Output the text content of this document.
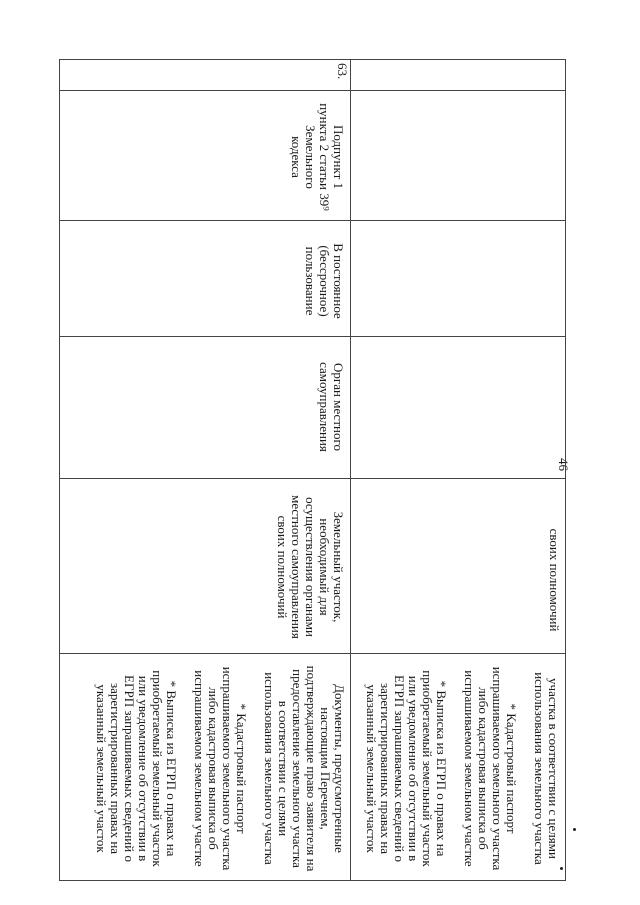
46
своих полномочий
участка в соответствии с целями
использования земельного участка

* Кадастровый паспорт
испрашиваемого земельного участка
либо кадастровая выписка об
испрашиваемом земельном участке

* Выписка из ЕГРП о правах на
приобретаемый земельный участок
или уведомление об отсутствии в
ЕГРП запрашиваемых сведений о
зарегистрированных правах на
указанный земельный участок
63.
Подпункт 1
пункта 2 статьи 39⁹
Земельного
кодекса
В постоянное
(бессрочное)
пользование
Орган местного
самоуправления
Земельный участок,
необходимый для
осуществления органами
местного самоуправления
своих полномочий
Документы, предусмотренные
настоящим Перечнем,
подтверждающие право заявителя на
предоставление земельного участка
в соответствии с целями
использования земельного участка

* Кадастровый паспорт
испрашиваемого земельного участка
либо кадастровая выписка об
испрашиваемом земельном участке

* Выписка из ЕГРП о правах на
приобретаемый земельный участок
или уведомление об отсутствии в
ЕГРП запрашиваемых сведений о
зарегистрированных правах на
указанный земельный участок
